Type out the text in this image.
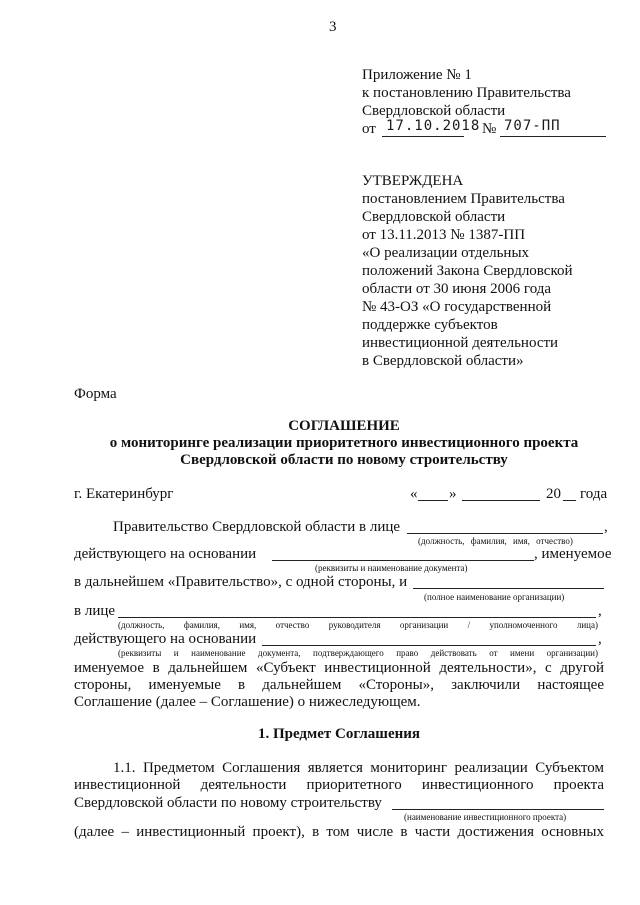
3
Приложение № 1
к постановлению Правительства
Свердловской области
от 17.10.2018 № 707-ПП
УТВЕРЖДЕНА
постановлением Правительства
Свердловской области
от 13.11.2013 № 1387-ПП
«О реализации отдельных
положений Закона Свердловской
области от 30 июня 2006 года
№ 43-ОЗ «О государственной
поддержке субъектов
инвестиционной деятельности
в Свердловской области»
Форма
СОГЛАШЕНИЕ
о мониторинге реализации приоритетного инвестиционного проекта
Свердловской области по новому строительству
г. Екатеринбург	« »	20 года
Правительство Свердловской области в лице	,
(должность, фамилия, имя, отчество)
действующего на основании	, именуемое
(реквизиты и наименование документа)
в дальнейшем «Правительство», с одной стороны, и
(полное наименование организации)
в лице	,
(должность, фамилия, имя, отчество руководителя организации / уполномоченного лица)
действующего на основании	,
(реквизиты и наименование документа, подтверждающего право действовать от имени организации)
именуемое в дальнейшем «Субъект инвестиционной деятельности», с другой
стороны, именуемые в дальнейшем «Стороны», заключили настоящее
Соглашение (далее – Соглашение) о нижеследующем.
1. Предмет Соглашения
1.1. Предметом Соглашения является мониторинг реализации Субъектом
инвестиционной деятельности приоритетного инвестиционного проекта
Свердловской области по новому строительству
(наименование инвестиционного проекта)
(далее – инвестиционный проект), в том числе в части достижения основных
